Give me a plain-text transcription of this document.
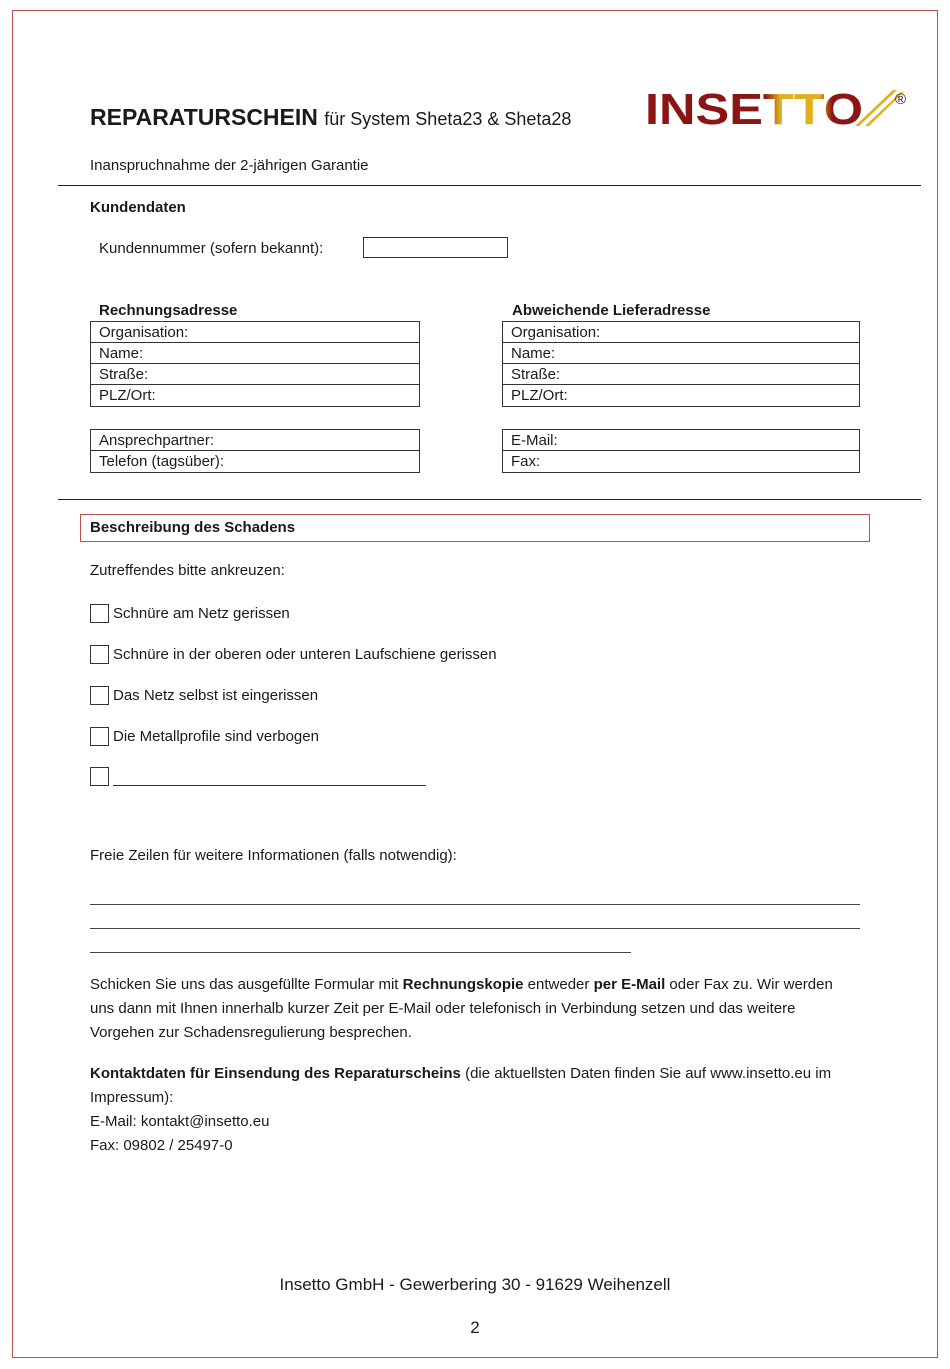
REPARATURSCHEIN für System Sheta23 & Sheta28 INSETTO ®
Inanspruchnahme der 2-jährigen Garantie
Kundendaten
Kundennummer (sofern bekannt):
Rechnungsadresse	Abweichende Lieferadresse
Organisation:
Name:
Straße:
PLZ/Ort:
Organisation:
Name:
Straße:
PLZ/Ort:
Ansprechpartner:
Telefon (tagsüber):
E-Mail:
Fax:
Beschreibung des Schadens
Zutreffendes bitte ankreuzen:
Schnüre am Netz gerissen
Schnüre in der oberen oder unteren Laufschiene gerissen
Das Netz selbst ist eingerissen
Die Metallprofile sind verbogen
Freie Zeilen für weitere Informationen (falls notwendig):
Schicken Sie uns das ausgefüllte Formular mit Rechnungskopie entweder per E-Mail oder Fax zu. Wir werden uns dann mit Ihnen innerhalb kurzer Zeit per E-Mail oder telefonisch in Verbindung setzen und das weitere Vorgehen zur Schadensregulierung besprechen.
Kontaktdaten für Einsendung des Reparaturscheins (die aktuellsten Daten finden Sie auf www.insetto.eu im Impressum):
E-Mail: kontakt@insetto.eu
Fax: 09802 / 25497-0
Insetto GmbH - Gewerbering 30 - 91629 Weihenzell
2
